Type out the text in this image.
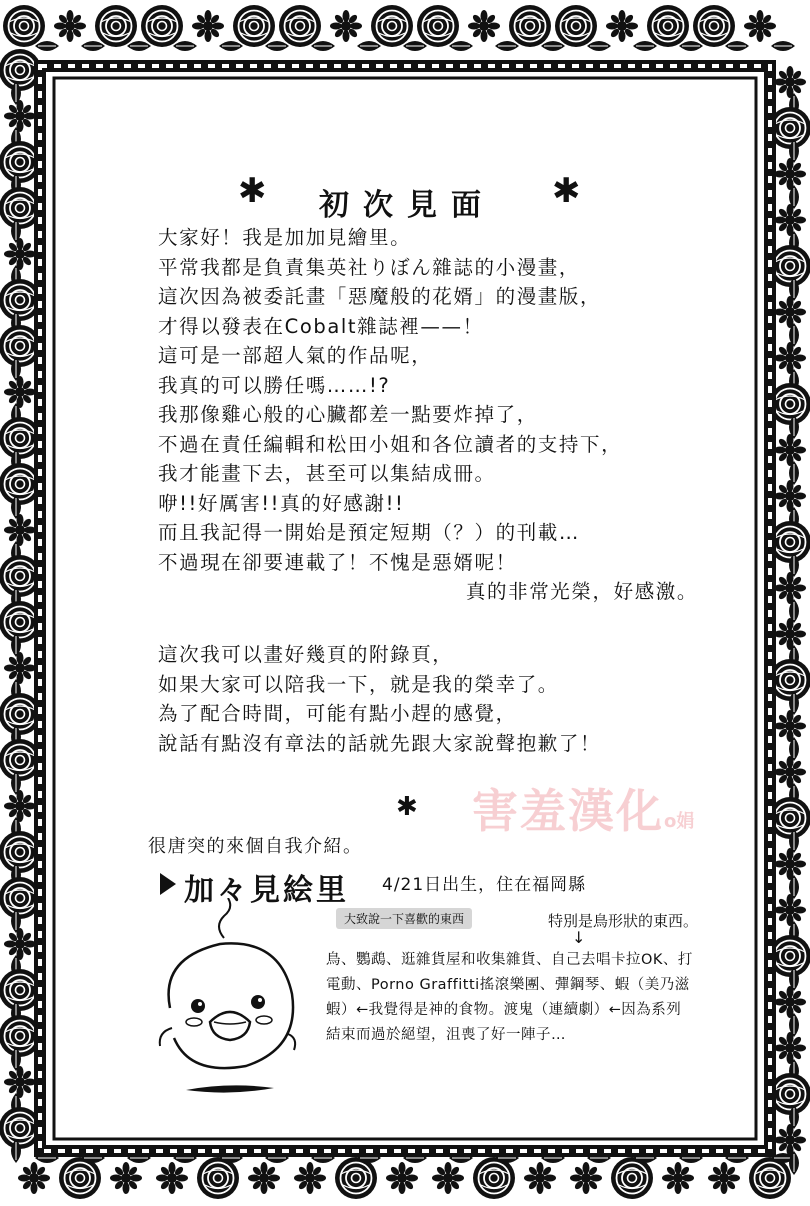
✱	初次見面	✱
大家好！我是加加見繪里。
平常我都是負責集英社りぼん雜誌的小漫畫，
這次因為被委託畫「惡魔般的花婿」的漫畫版，
才得以發表在Cobalt雜誌裡——！
這可是一部超人氣的作品呢，
我真的可以勝任嗎……!?
我那像雞心般的心臟都差一點要炸掉了，
不過在責任編輯和松田小姐和各位讀者的支持下，
我才能畫下去，甚至可以集結成冊。
咿!!好厲害!!真的好感謝!!
而且我記得一開始是預定短期（？）的刊載…
不過現在卻要連載了！不愧是惡婿呢！
真的非常光榮，好感激。
這次我可以畫好幾頁的附錄頁，
如果大家可以陪我一下，就是我的榮幸了。
為了配合時間，可能有點小趕的感覺，
說話有點沒有章法的話就先跟大家說聲抱歉了！
✱ 害羞漢化o娟
很唐突的來個自我介紹。
加々見絵里 4/21日出生，住在福岡縣
大致說一下喜歡的東西	特別是鳥形狀的東西。
↓
鳥、鸚鵡、逛雜貨屋和收集雜貨、自己去唱卡拉OK、打
電動、Porno Graffitti搖滾樂團、彈鋼琴、蝦（美乃滋
蝦）←我覺得是神的食物。渡鬼（連續劇）←因為系列
結束而過於絕望，沮喪了好一陣子…
